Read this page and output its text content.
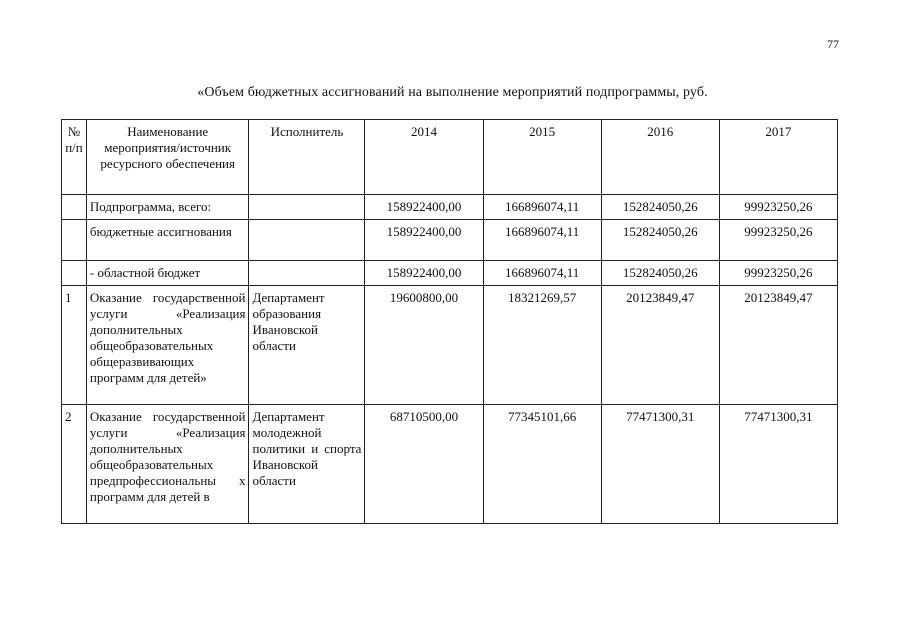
77
«Объем бюджетных ассигнований на выполнение мероприятий подпрограммы, руб.
№ п/п	Наименование мероприятия/источник ресурсного обеспечения	Исполнитель	2014	2015	2016	2017
	Подпрограмма, всего:		158922400,00	166896074,11	152824050,26	99923250,26
	бюджетные ассигнования		158922400,00	166896074,11	152824050,26	99923250,26
	- областной бюджет		158922400,00	166896074,11	152824050,26	99923250,26
1	Оказание государственной услуги «Реализация дополнительных общеобразовательных общеразвивающих программ для детей»	Департамент образования Ивановской области	19600800,00	18321269,57	20123849,47	20123849,47
2	Оказание государственной услуги «Реализация дополнительных общеобразовательных предпрофессиональны х программ для детей в	Департамент молодежной политики и спорта Ивановской области	68710500,00	77345101,66	77471300,31	77471300,31
